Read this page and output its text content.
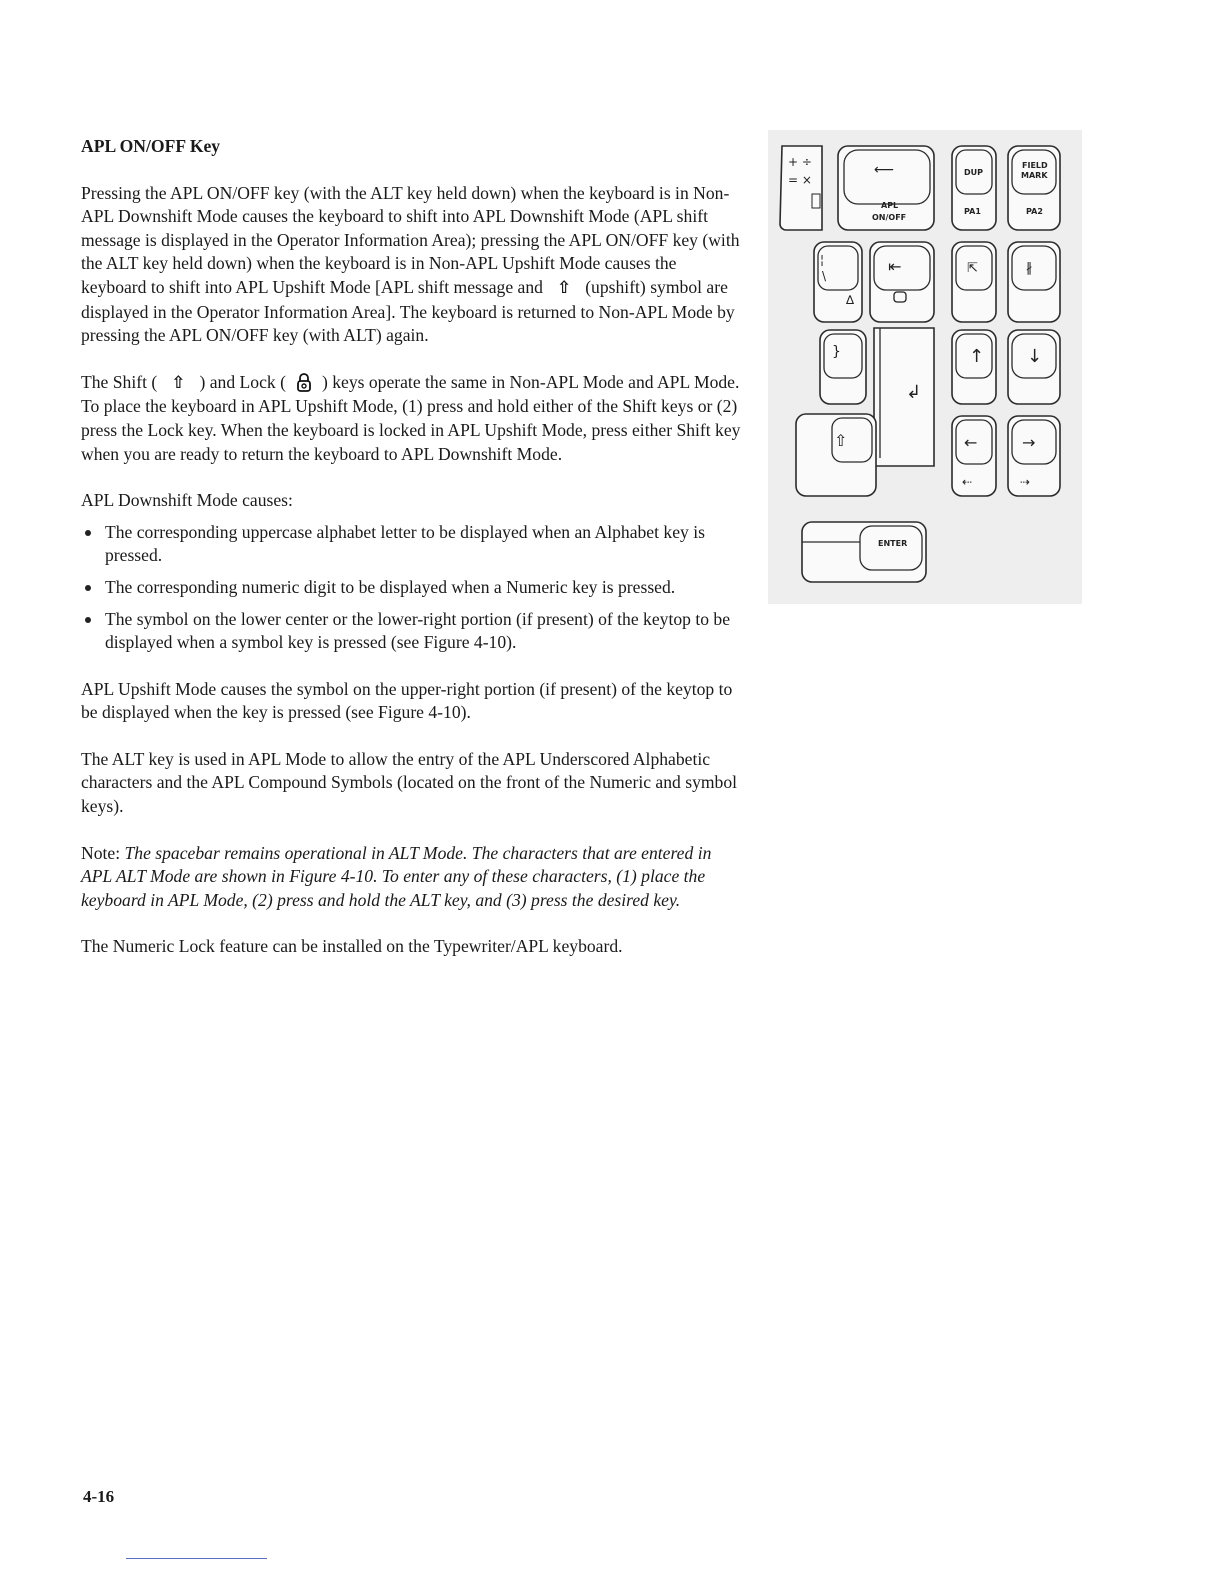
APL ON/OFF Key

Pressing the APL ON/OFF key (with the ALT key held down) when the keyboard is in Non-APL Downshift Mode causes the keyboard to shift into APL Downshift Mode (APL shift message is displayed in the Operator Information Area); pressing the APL ON/OFF key (with the ALT key held down) when the keyboard is in Non-APL Upshift Mode causes the keyboard to shift into APL Upshift Mode [APL shift message and ⇧ (upshift) symbol are displayed in the Operator Information Area]. The keyboard is returned to Non-APL Mode by pressing the APL ON/OFF key (with ALT) again.

The Shift ( ⇧ ) and Lock ( ) keys operate the same in Non-APL Mode and APL Mode. To place the keyboard in APL Upshift Mode, (1) press and hold either of the Shift keys or (2) press the Lock key. When the keyboard is locked in APL Upshift Mode, press either Shift key when you are ready to return the keyboard to APL Downshift Mode.

APL Downshift Mode causes:

The corresponding uppercase alphabet letter to be displayed when an Alphabet key is pressed.
The corresponding numeric digit to be displayed when a Numeric key is pressed.
The symbol on the lower center or the lower-right portion (if present) of the keytop to be displayed when a symbol key is pressed (see Figure 4-10).

APL Upshift Mode causes the symbol on the upper-right portion (if present) of the keytop to be displayed when the key is pressed (see Figure 4-10).

The ALT key is used in APL Mode to allow the entry of the APL Underscored Alphabetic characters and the APL Compound Symbols (located on the front of the Numeric and symbol keys).

Note: The spacebar remains operational in ALT Mode. The characters that are entered in APL ALT Mode are shown in Figure 4-10. To enter any of these characters, (1) place the keyboard in APL Mode, (2) press and hold the ALT key, and (3) press the desired key.

The Numeric Lock feature can be installed on the Typewriter/APL keyboard.

+ ÷
= ×
⟵
APL
ON/OFF
DUP
FIELD
MARK
PA1	PA2
¦
\
∆
⇤	⇱	∦
}	↑ ↓
↲
⇧	←	→
⇠	⇢
ENTER
4-16
